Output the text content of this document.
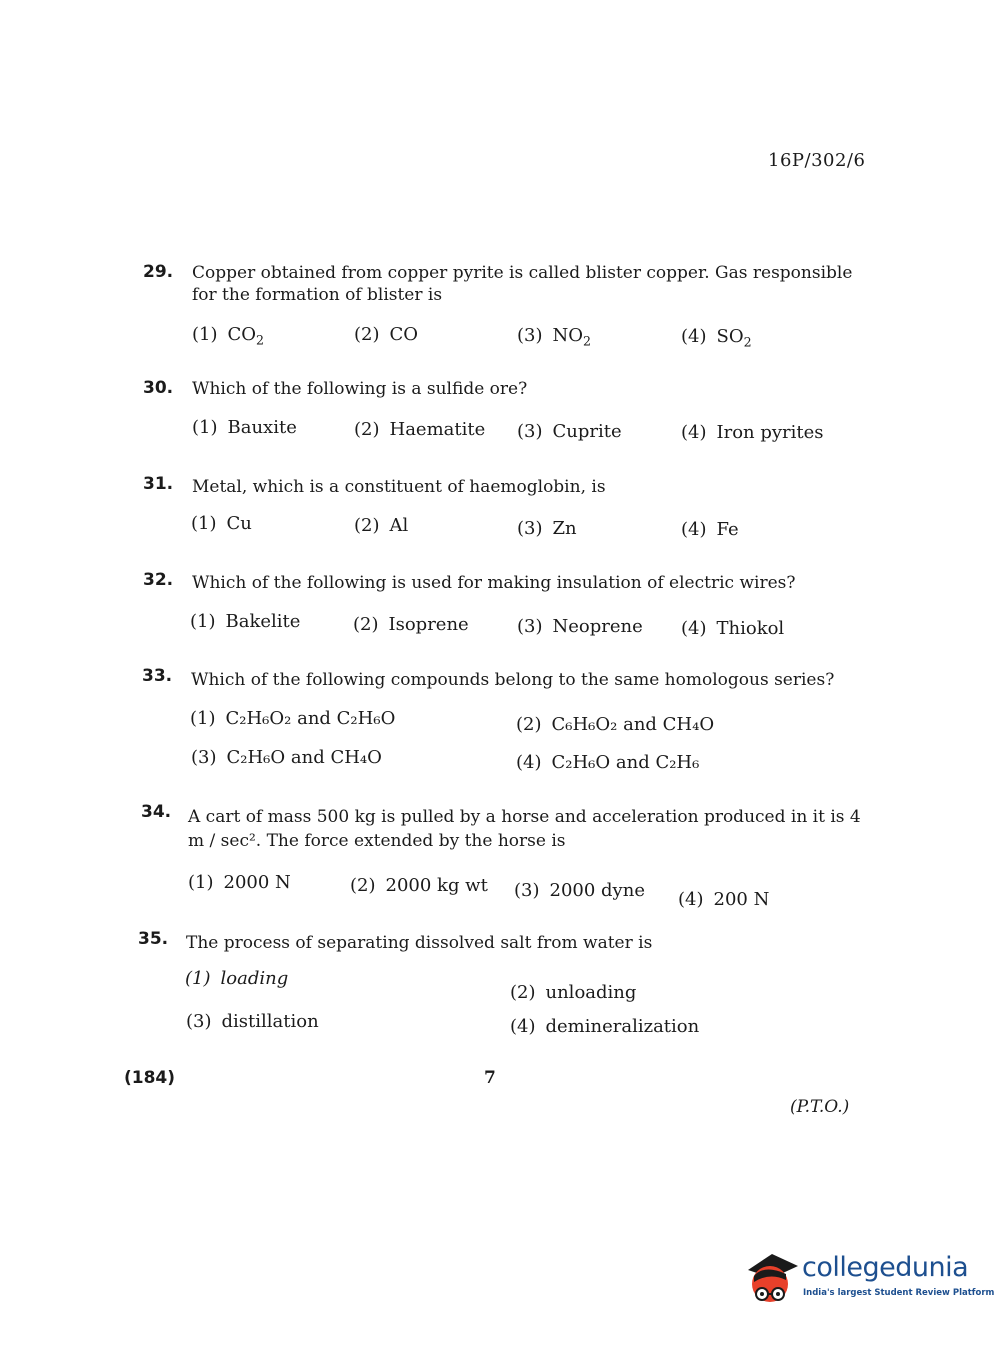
16P/302/6
29. Copper obtained from copper pyrite is called blister copper. Gas responsible for the formation of blister is
(1) $CO_2$	(2) CO	(3) $NO_2$	(4) $SO_2$
30. Which of the following is a sulfide ore?
(1) Bauxite	(2) Haematite (3) Cuprite	(4) Iron pyrites
31. Metal, which is a constituent of haemoglobin, is
(1) Cu	(2) Al	(3) Zn	(4) Fe
32. Which of the following is used for making insulation of electric wires?
(1) Bakelite	(2) Isoprene	(3) Neoprene (4) Thiokol
33. Which of the following compounds belong to the same homologous series?
(1) C₂H₆O₂ and C₂H₆O	(2) C₆H₆O₂ and CH₄O
(3) C₂H₆O and CH₄O	(4) C₂H₆O and C₂H₆
34. A cart of mass 500 kg is pulled by a horse and acceleration produced in it is 4 m / sec². The force extended by the horse is
(1) 2000 N	(2) 2000 kg wt (3) 2000 dyne (4) 200 N
35. The process of separating dissolved salt from water is
(1) loading
(2) unloading
(3) distillation	(4) demineralization
(184)	7
(P.T.O.)
collegedunia
India's largest Student Review Platform
